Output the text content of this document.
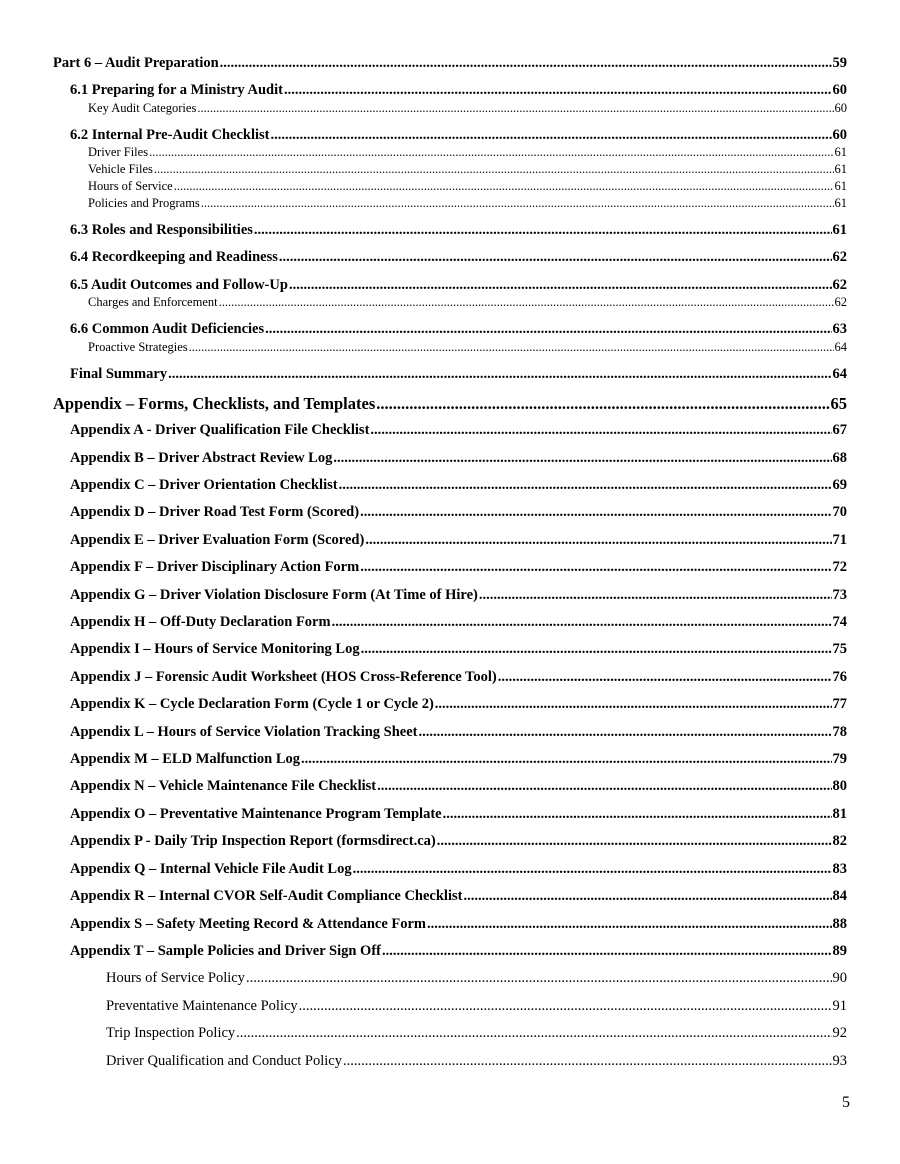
Part 6 – Audit Preparation .....	59
6.1 Preparing for a Ministry Audit .....	60
Key Audit Categories .....	60
6.2 Internal Pre-Audit Checklist .....	60
Driver Files .....	61
Vehicle Files .....	61
Hours of Service .....	61
Policies and Programs .....	61
6.3 Roles and Responsibilities .....	61
6.4 Recordkeeping and Readiness .....	62
6.5 Audit Outcomes and Follow-Up .....	62
Charges and Enforcement .....	62
6.6 Common Audit Deficiencies .....	63
Proactive Strategies .....	64
Final Summary .....	64
Appendix – Forms, Checklists, and Templates .....	65
Appendix A - Driver Qualification File Checklist .....	67
Appendix B – Driver Abstract Review Log .....	68
Appendix C – Driver Orientation Checklist .....	69
Appendix D – Driver Road Test Form (Scored) .....	70
Appendix E – Driver Evaluation Form (Scored) .....	71
Appendix F – Driver Disciplinary Action Form .....	72
Appendix G – Driver Violation Disclosure Form (At Time of Hire) .....	73
Appendix H – Off-Duty Declaration Form .....	74
Appendix I – Hours of Service Monitoring Log .....	75
Appendix J – Forensic Audit Worksheet (HOS Cross-Reference Tool) .....	76
Appendix K – Cycle Declaration Form (Cycle 1 or Cycle 2) .....	77
Appendix L – Hours of Service Violation Tracking Sheet .....	78
Appendix M – ELD Malfunction Log .....	79
Appendix N – Vehicle Maintenance File Checklist .....	80
Appendix O – Preventative Maintenance Program Template .....	81
Appendix P - Daily Trip Inspection Report (formsdirect.ca) .....	82
Appendix Q – Internal Vehicle File Audit Log .....	83
Appendix R – Internal CVOR Self-Audit Compliance Checklist .....	84
Appendix S – Safety Meeting Record & Attendance Form .....	88
Appendix T – Sample Policies and Driver Sign Off .....	89
Hours of Service Policy .....	90
Preventative Maintenance Policy .....	91
Trip Inspection Policy .....	92
Driver Qualification and Conduct Policy .....	93
5
